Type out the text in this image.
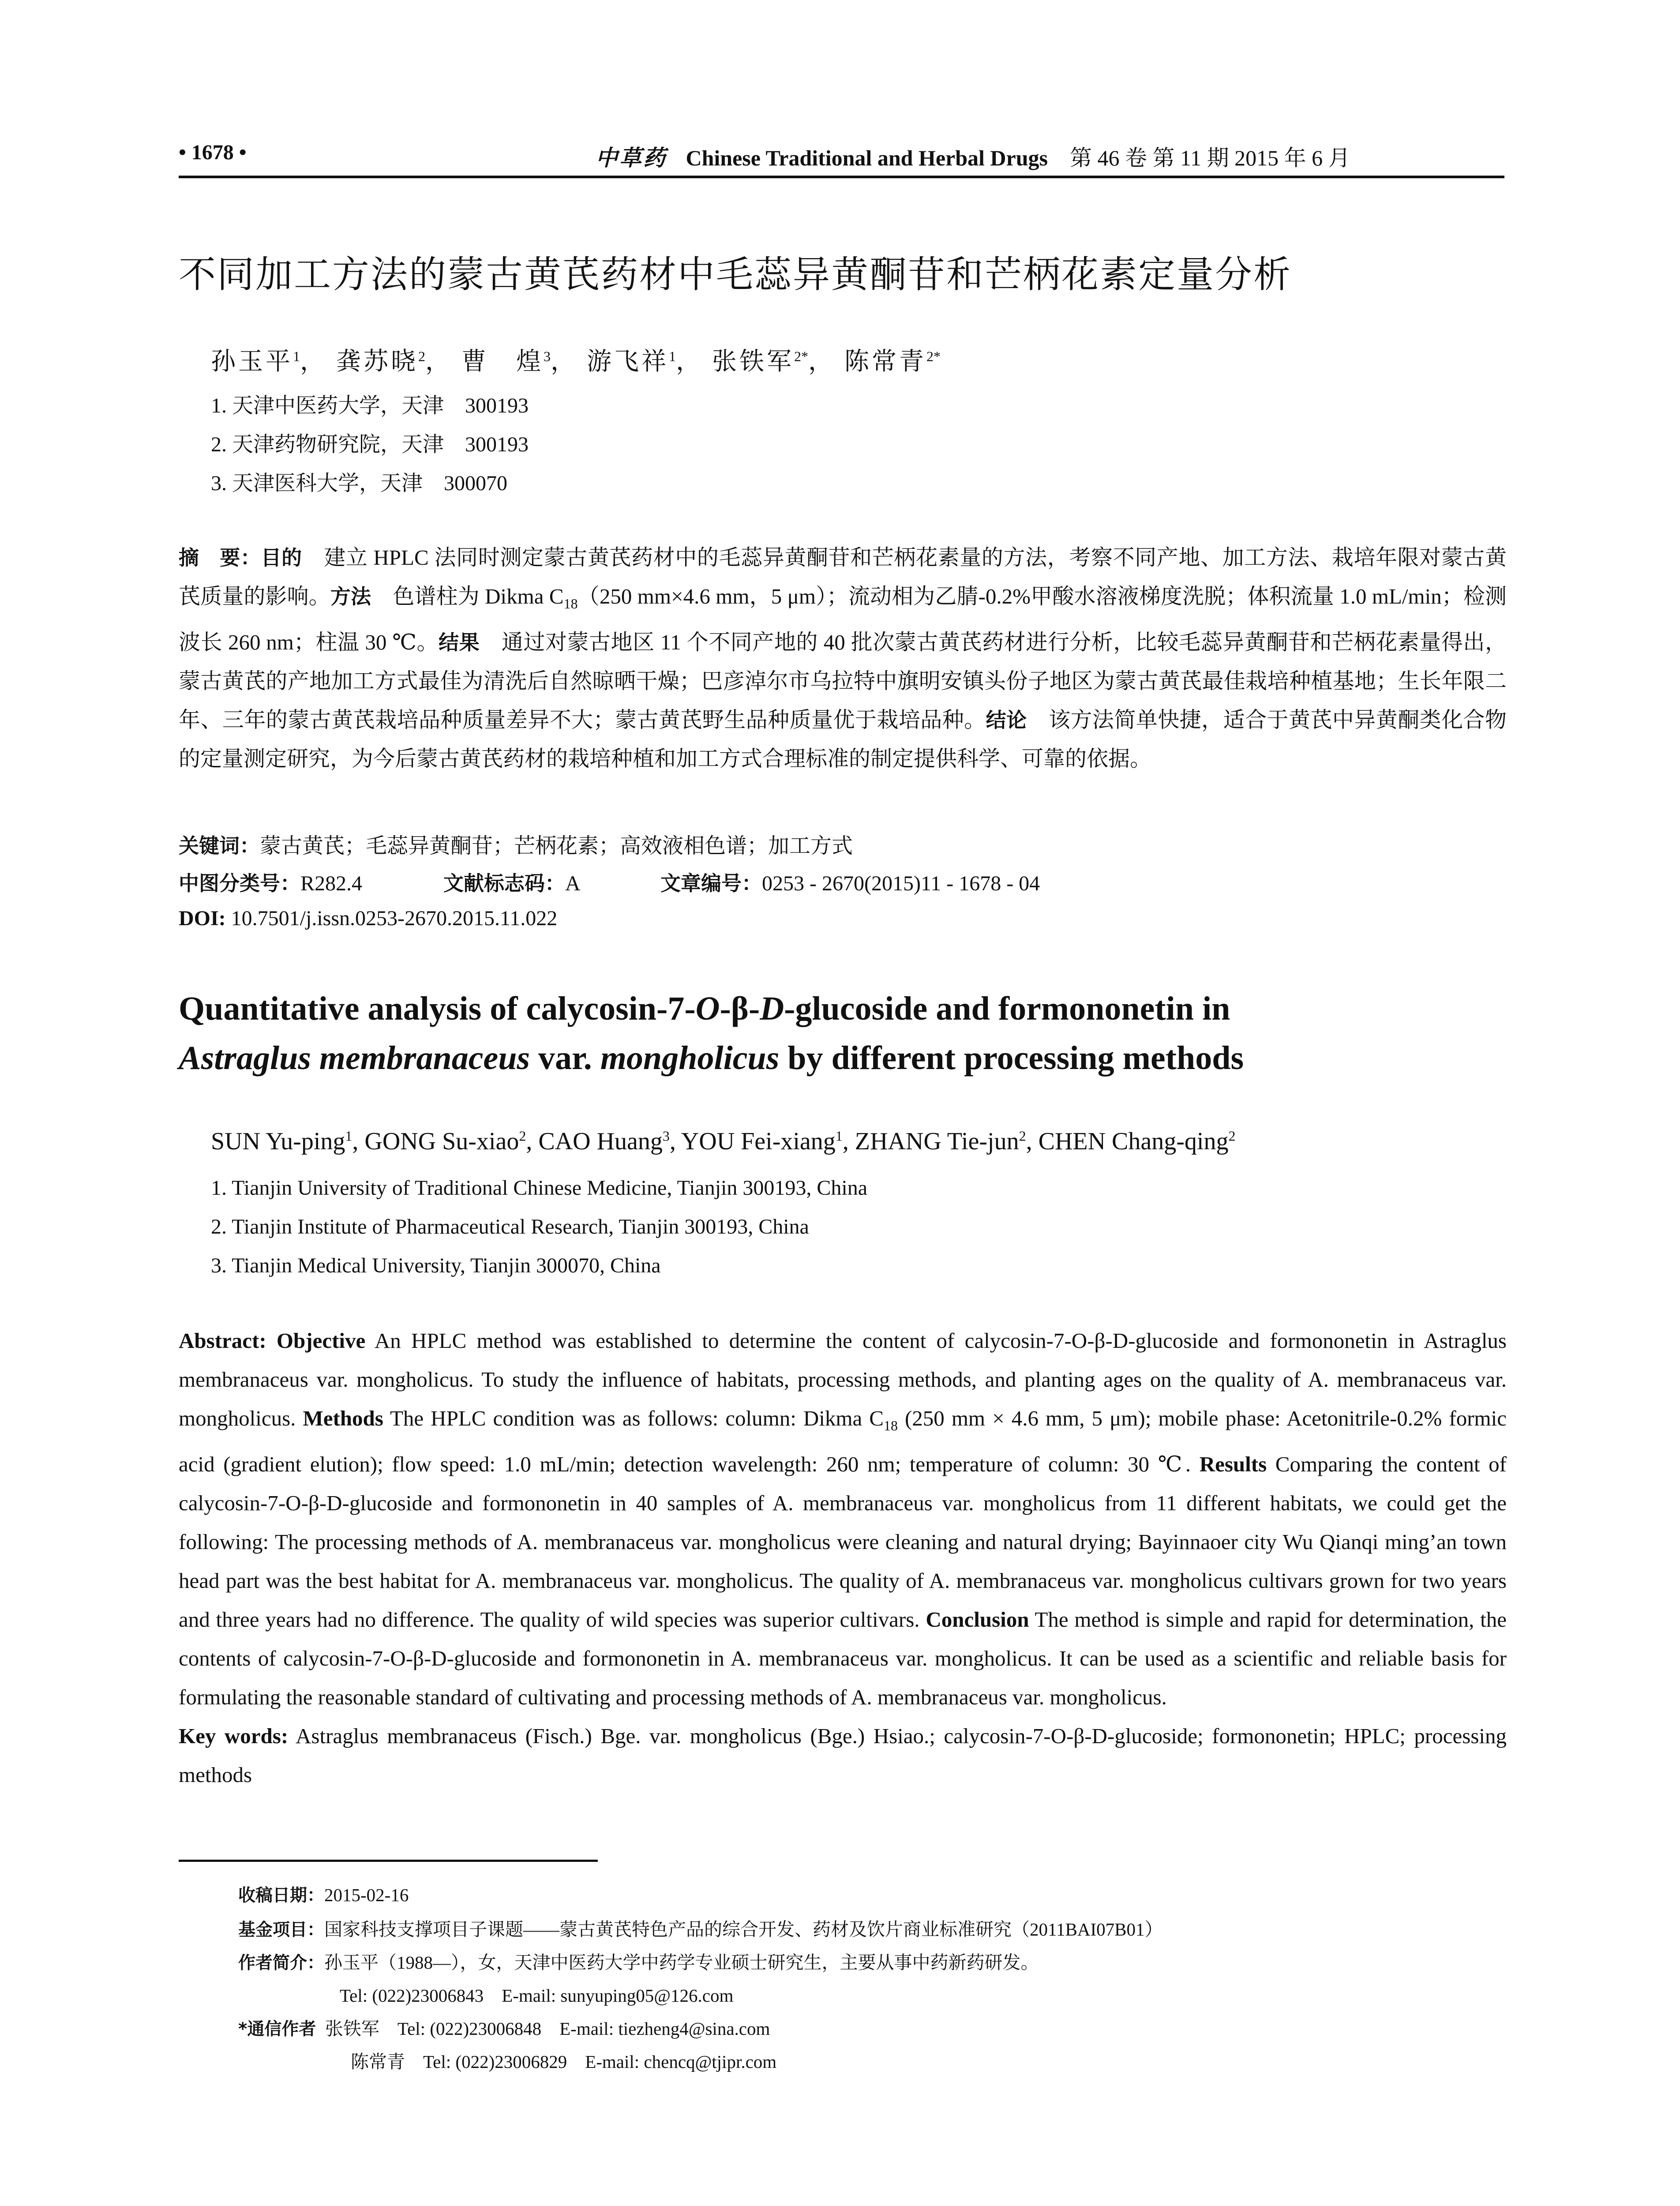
• 1678 •	中草药 Chinese Traditional and Herbal Drugs 第 46 卷 第 11 期 2015 年 6 月
不同加工方法的蒙古黄芪药材中毛蕊异黄酮苷和芒柄花素定量分析
孙玉平$^1$， 龚苏晓$^2$， 曹　煌$^3$， 游飞祥$^1$， 张铁军$^{2*}$， 陈常青$^{2*}$
1. 天津中医药大学，天津　300193
2. 天津药物研究院，天津　300193
3. 天津医科大学，天津　300070
摘　要：目的　建立 HPLC 法同时测定蒙古黄芪药材中的毛蕊异黄酮苷和芒柄花素量的方法，考察不同产地、加工方法、栽培年限对蒙古黄芪质量的影响。方法　色谱柱为 Dikma $C_{18}(250$ mm×4.6 mm，5 μm）；流动相为乙腈-0.2%甲酸水溶液梯度洗脱；体积流量 1.0 mL/min；检测波长 260 nm；柱温 30 ℃。结果　通过对蒙古地区 11 个不同产地的 40 批次蒙古黄芪药材进行分析，比较毛蕊异黄酮苷和芒柄花素量得出，蒙古黄芪的产地加工方式最佳为清洗后自然晾晒干燥；巴彦淖尔市乌拉特中旗明安镇头份子地区为蒙古黄芪最佳栽培种植基地；生长年限二年、三年的蒙古黄芪栽培品种质量差异不大；蒙古黄芪野生品种质量优于栽培品种。结论　该方法简单快捷，适合于黄芪中异黄酮类化合物的定量测定研究，为今后蒙古黄芪药材的栽培种植和加工方式合理标准的制定提供科学、可靠的依据。
关键词：蒙古黄芪；毛蕊异黄酮苷；芒柄花素；高效液相色谱；加工方式
中图分类号：R282.4	文献标志码：A	文章编号：0253 - 2670(2015)11 - 1678 - 04
DOI: 10.7501/j.issn.0253-2670.2015.11.022
Quantitative analysis of calycosin-7-O-β-D-glucoside and formononetin in
Astraglus membranaceus var. mongholicus by different processing methods
SUN Yu-ping$^1$, GONG Su-xiao$^2$, CAO Huang$^3$, YOU Fei-xiang$^1$, ZHANG Tie-jun$^2$, CHEN Chang-qing$^2$
1. Tianjin University of Traditional Chinese Medicine, Tianjin 300193, China
2. Tianjin Institute of Pharmaceutical Research, Tianjin 300193, China
3. Tianjin Medical University, Tianjin 300070, China
Abstract: Objective An HPLC method was established to determine the content of calycosin-7-O-β-D-glucoside and formononetin in Astraglus membranaceus var. mongholicus. To study the influence of habitats, processing methods, and planting ages on the quality of A. membranaceus var. mongholicus. Methods The HPLC condition was as follows: column: Dikma $C_{18}$ (250 mm × 4.6 mm, 5 μm); mobile phase: Acetonitrile-0.2% formic acid (gradient elution); flow speed: 1.0 mL/min; detection wavelength: 260 nm; temperature of column: 30 ℃. Results Comparing the content of calycosin-7-O-β-D-glucoside and formononetin in 40 samples of A. membranaceus var. mongholicus from 11 different habitats, we could get the following: The processing methods of A. membranaceus var. mongholicus were cleaning and natural drying; Bayinnaoer city Wu Qianqi ming’an town head part was the best habitat for A. membranaceus var. mongholicus. The quality of A. membranaceus var. mongholicus cultivars grown for two years and three years had no difference. The quality of wild species was superior cultivars. Conclusion The method is simple and rapid for determination, the contents of calycosin-7-O-β-D-glucoside and formononetin in A. membranaceus var. mongholicus. It can be used as a scientific and reliable basis for formulating the reasonable standard of cultivating and processing methods of A. membranaceus var. mongholicus.
Key words: Astraglus membranaceus (Fisch.) Bge. var. mongholicus (Bge.) Hsiao.; calycosin-7-O-β-D-glucoside; formononetin; HPLC; processing methods
收稿日期：2015-02-16
基金项目：国家科技支撑项目子课题——蒙古黄芪特色产品的综合开发、药材及饮片商业标准研究（2011BAI07B01）
作者简介：孙玉平（1988—），女，天津中医药大学中药学专业硕士研究生，主要从事中药新药研发。
Tel: (022)23006843　E-mail: sunyuping05@126.com
*通信作者 张铁军　Tel: (022)23006848　E-mail: tiezheng4@sina.com
陈常青　Tel: (022)23006829　E-mail: chencq@tjipr.com
